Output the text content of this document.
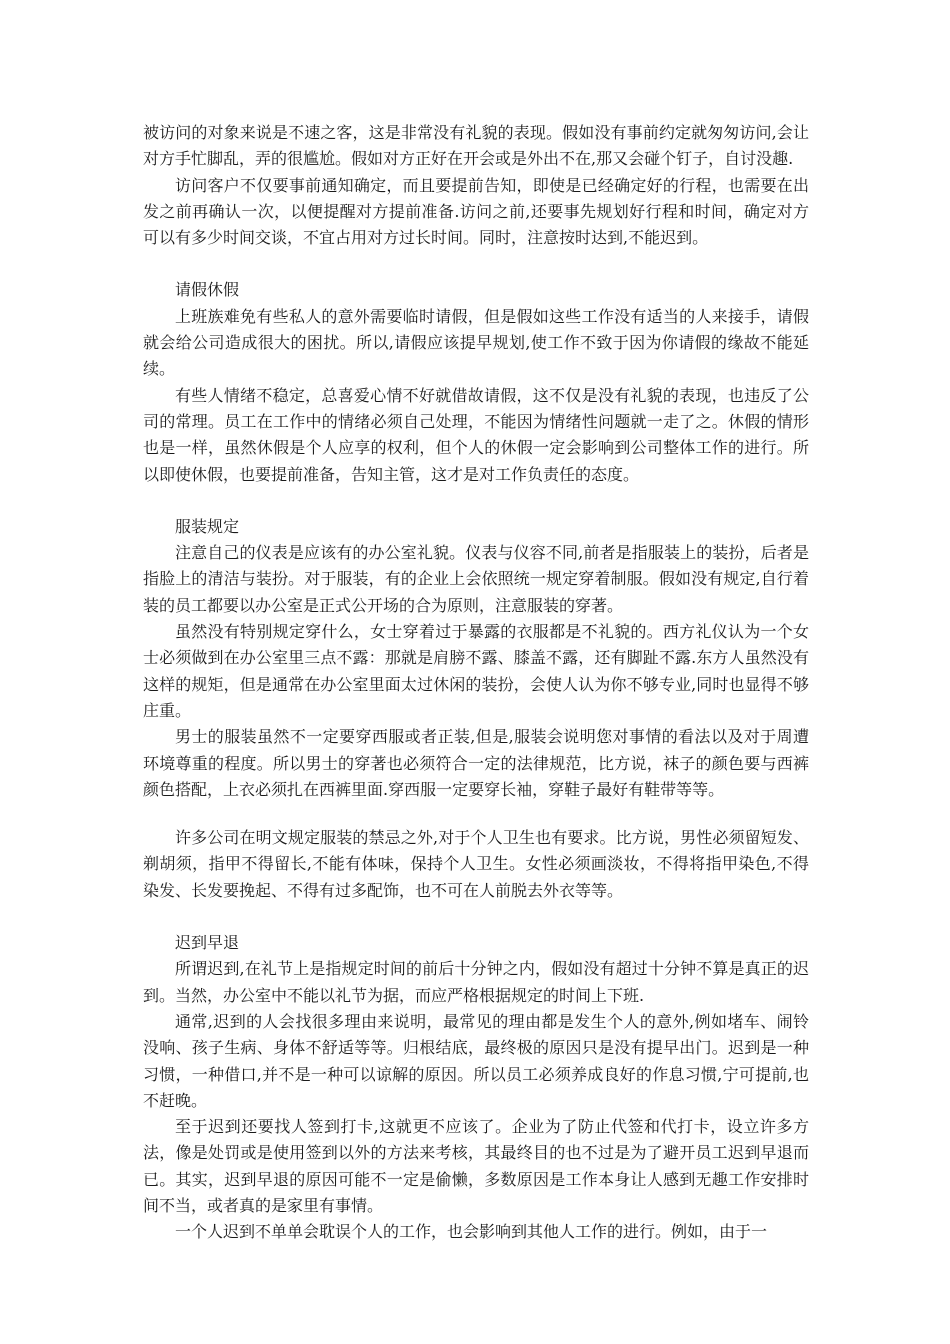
被访问的对象来说是不速之客，这是非常没有礼貌的表现。假如没有事前约定就匆匆访问,会让对方手忙脚乱，弄的很尴尬。假如对方正好在开会或是外出不在,那又会碰个钉子，自讨没趣.

访问客户不仅要事前通知确定，而且要提前告知，即使是已经确定好的行程，也需要在出发之前再确认一次，以便提醒对方提前准备.访问之前,还要事先规划好行程和时间，确定对方可以有多少时间交谈，不宜占用对方过长时间。同时，注意按时达到,不能迟到。

请假休假

上班族难免有些私人的意外需要临时请假，但是假如这些工作没有适当的人来接手，请假就会给公司造成很大的困扰。所以,请假应该提早规划,使工作不致于因为你请假的缘故不能延续。

有些人情绪不稳定，总喜爱心情不好就借故请假，这不仅是没有礼貌的表现，也违反了公司的常理。员工在工作中的情绪必须自己处理，不能因为情绪性问题就一走了之。休假的情形也是一样，虽然休假是个人应享的权利，但个人的休假一定会影响到公司整体工作的进行。所以即使休假，也要提前准备，告知主管，这才是对工作负责任的态度。

服装规定

注意自己的仪表是应该有的办公室礼貌。仪表与仪容不同,前者是指服装上的装扮，后者是指脸上的清洁与装扮。对于服装，有的企业上会依照统一规定穿着制服。假如没有规定,自行着装的员工都要以办公室是正式公开场的合为原则，注意服装的穿著。

虽然没有特别规定穿什么，女士穿着过于暴露的衣服都是不礼貌的。西方礼仪认为一个女士必须做到在办公室里三点不露：那就是肩膀不露、膝盖不露，还有脚趾不露.东方人虽然没有这样的规矩，但是通常在办公室里面太过休闲的装扮，会使人认为你不够专业,同时也显得不够庄重。

男士的服装虽然不一定要穿西服或者正装,但是,服装会说明您对事情的看法以及对于周遭环境尊重的程度。所以男士的穿著也必须符合一定的法律规范，比方说，袜子的颜色要与西裤颜色搭配，上衣必须扎在西裤里面.穿西服一定要穿长袖，穿鞋子最好有鞋带等等。

许多公司在明文规定服装的禁忌之外,对于个人卫生也有要求。比方说，男性必须留短发、剃胡须，指甲不得留长,不能有体味，保持个人卫生。女性必须画淡妆，不得将指甲染色,不得染发、长发要挽起、不得有过多配饰，也不可在人前脱去外衣等等。

迟到早退

所谓迟到,在礼节上是指规定时间的前后十分钟之内，假如没有超过十分钟不算是真正的迟到。当然，办公室中不能以礼节为据，而应严格根据规定的时间上下班.

通常,迟到的人会找很多理由来说明，最常见的理由都是发生个人的意外,例如堵车、闹铃没响、孩子生病、身体不舒适等等。归根结底，最终极的原因只是没有提早出门。迟到是一种习惯，一种借口,并不是一种可以谅解的原因。所以员工必须养成良好的作息习惯,宁可提前,也不赶晚。

至于迟到还要找人签到打卡,这就更不应该了。企业为了防止代签和代打卡，设立许多方法，像是处罚或是使用签到以外的方法来考核，其最终目的也不过是为了避开员工迟到早退而已。其实，迟到早退的原因可能不一定是偷懒，多数原因是工作本身让人感到无趣工作安排时间不当，或者真的是家里有事情。

一个人迟到不单单会耽误个人的工作，也会影响到其他人工作的进行。例如，由于一
